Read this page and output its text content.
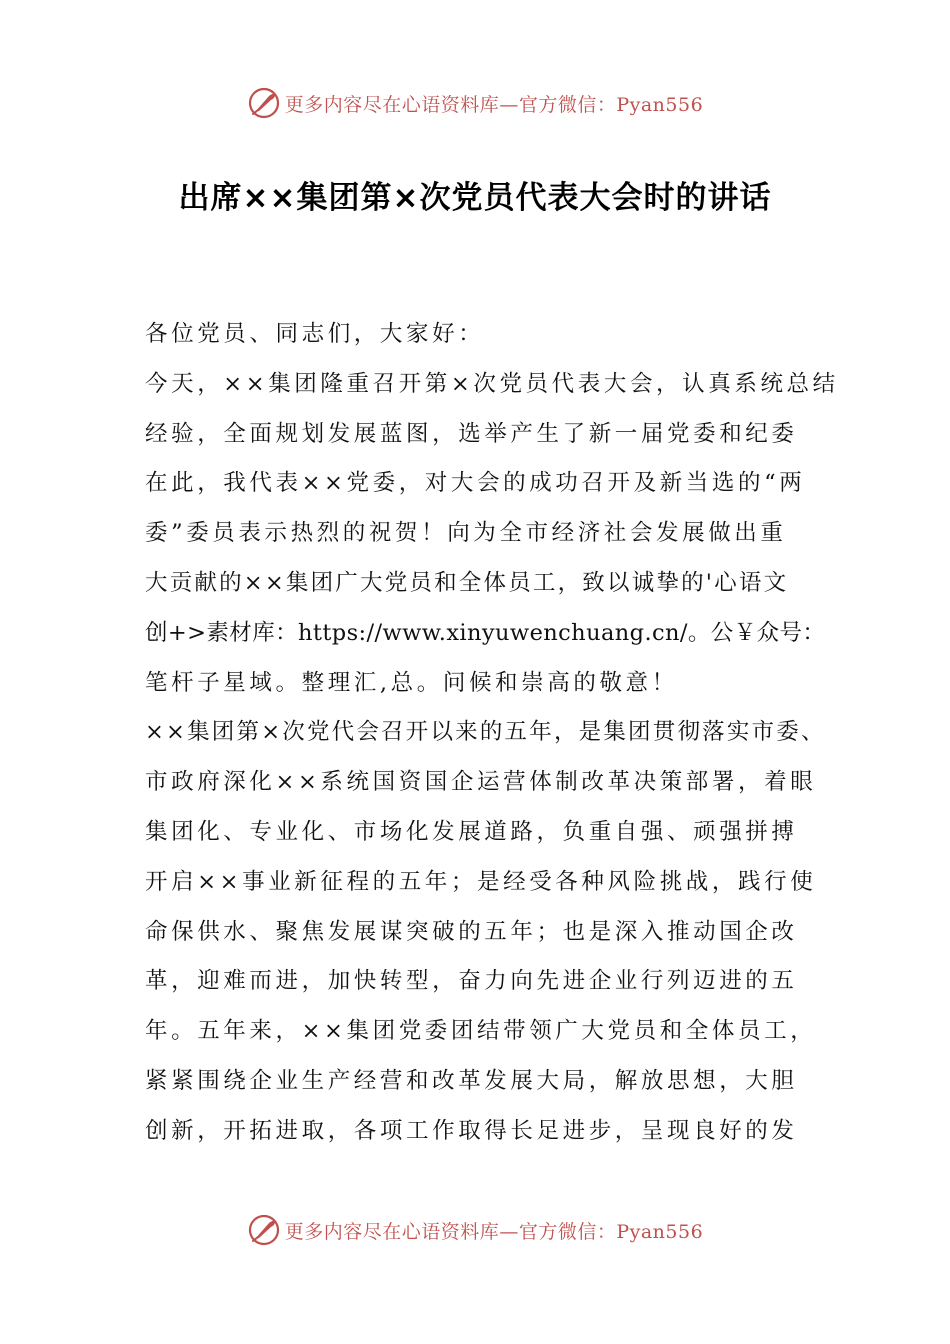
更多内容尽在心语资料库—官方微信：Pyan556
出席××集团第×次党员代表大会时的讲话
各位党员、同志们，大家好：
今天，××集团隆重召开第×次党员代表大会，认真系统总结
经验，全面规划发展蓝图，选举产生了新一届党委和纪委
在此，我代表××党委，对大会的成功召开及新当选的“两
委”委员表示热烈的祝贺！向为全市经济社会发展做出重
大贡献的××集团广大党员和全体员工，致以诚挚的'心语文
创+>素材库：https://www.xinyuwenchuang.cn/。公￥众号：
笔杆子星域。整理汇,总。问候和崇高的敬意！
××集团第×次党代会召开以来的五年，是集团贯彻落实市委、
市政府深化××系统国资国企运营体制改革决策部署，着眼
集团化、专业化、市场化发展道路，负重自强、顽强拼搏
开启××事业新征程的五年；是经受各种风险挑战，践行使
命保供水、聚焦发展谋突破的五年；也是深入推动国企改
革，迎难而进，加快转型，奋力向先进企业行列迈进的五
年。五年来，××集团党委团结带领广大党员和全体员工，
紧紧围绕企业生产经营和改革发展大局，解放思想，大胆
创新，开拓进取，各项工作取得长足进步，呈现良好的发
更多内容尽在心语资料库—官方微信：Pyan556
